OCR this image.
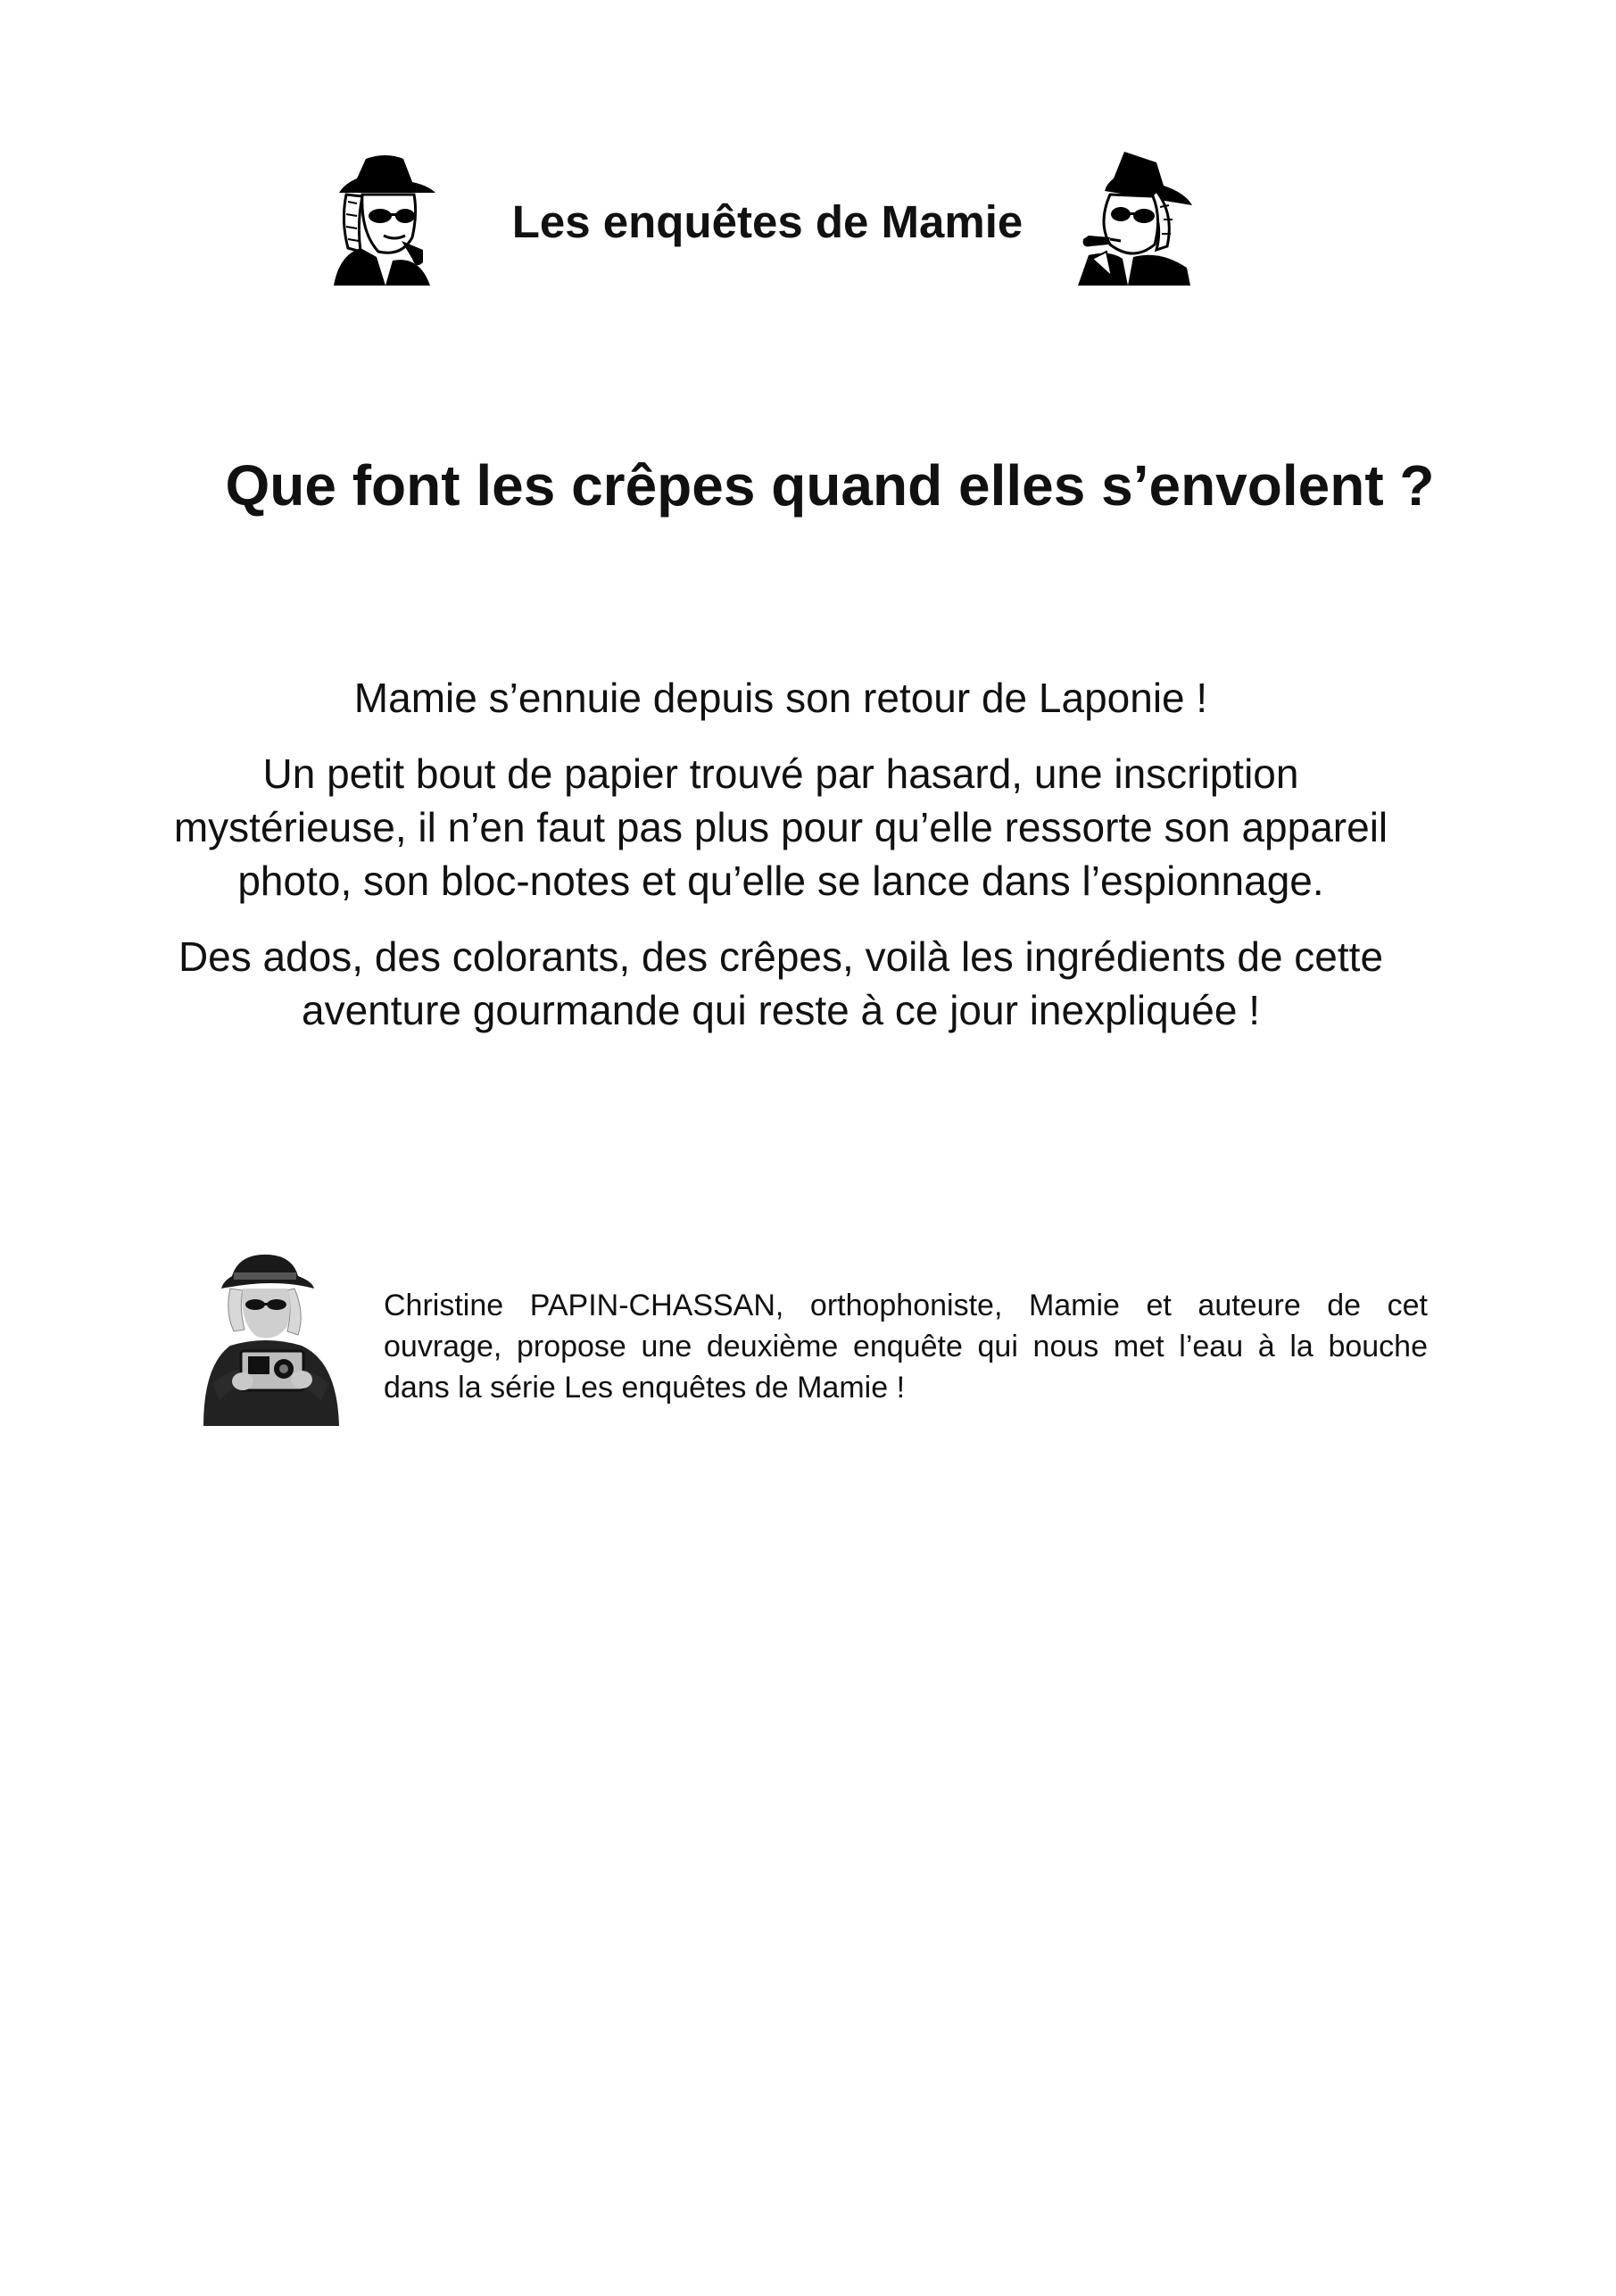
Les enquêtes de Mamie
Que font les crêpes quand elles s’envolent ?

Mamie s’ennuie depuis son retour de Laponie !

Un petit bout de papier trouvé par hasard, une inscription
mystérieuse, il n’en faut pas plus pour qu’elle ressorte son appareil
photo, son bloc-notes et qu’elle se lance dans l’espionnage.

Des ados, des colorants, des crêpes, voilà les ingrédients de cette
aventure gourmande qui reste à ce jour inexpliquée !

Christine PAPIN-CHASSAN, orthophoniste, Mamie et auteure de cet ouvrage, propose une deuxième enquête qui nous met l’eau à la bouche dans la série Les enquêtes de Mamie !
